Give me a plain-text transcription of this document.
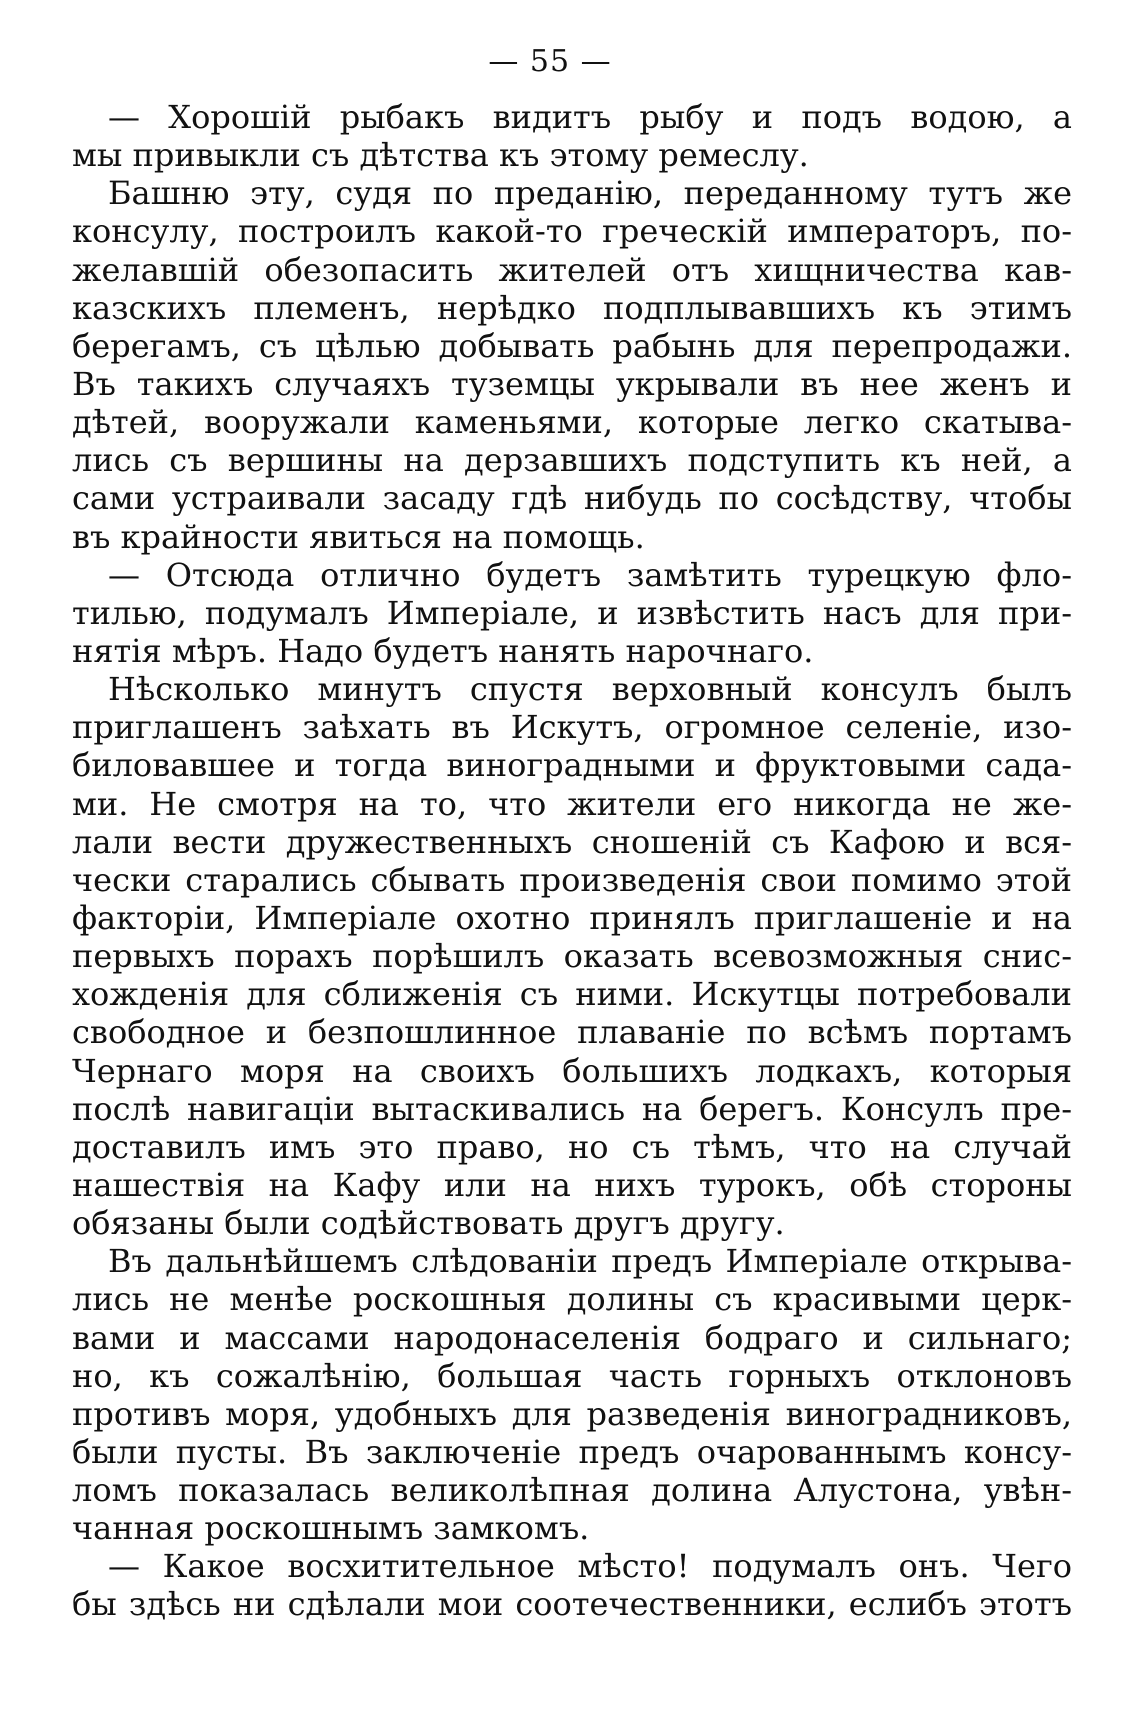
— 55 —
— Хорошій рыбакъ видитъ рыбу и подъ водою, а
мы привыкли съ дѣтства къ этому ремеслу.
Башню эту, судя по преданію, переданному тутъ же
консулу, построилъ какой-то греческій императоръ, по-
желавшій обезопасить жителей отъ хищничества кав-
казскихъ племенъ, нерѣдко подплывавшихъ къ этимъ
берегамъ, съ цѣлью добывать рабынь для перепродажи.
Въ такихъ случаяхъ туземцы укрывали въ нее женъ и
дѣтей, вооружали каменьями, которые легко скатыва-
лись съ вершины на дерзавшихъ подступить къ ней, а
сами устраивали засаду гдѣ нибудь по сосѣдству, чтобы
въ крайности явиться на помощь.
— Отсюда отлично будетъ замѣтить турецкую фло-
тилью, подумалъ Имперіале, и извѣстить насъ для при-
нятія мѣръ. Надо будетъ нанять нарочнаго.
Нѣсколько минутъ спустя верховный консулъ былъ
приглашенъ заѣхать въ Искутъ, огромное селеніе, изо-
биловавшее и тогда виноградными и фруктовыми сада-
ми. Не смотря на то, что жители его никогда не же-
лали вести дружественныхъ сношеній съ Кафою и вся-
чески старались сбывать произведенія свои помимо этой
факторіи, Имперіале охотно принялъ приглашеніе и на
первыхъ порахъ порѣшилъ оказать всевозможныя снис-
хожденія для сближенія съ ними. Искутцы потребовали
свободное и безпошлинное плаваніе по всѣмъ портамъ
Чернаго моря на своихъ большихъ лодкахъ, которыя
послѣ навигаціи вытаскивались на берегъ. Консулъ пре-
доставилъ имъ это право, но съ тѣмъ, что на случай
нашествія на Кафу или на нихъ турокъ, обѣ стороны
обязаны были содѣйствовать другъ другу.
Въ дальнѣйшемъ слѣдованіи предъ Имперіале открыва-
лись не менѣе роскошныя долины съ красивыми церк-
вами и массами народонаселенія бодраго и сильнаго;
но, къ сожалѣнію, большая часть горныхъ отклоновъ
противъ моря, удобныхъ для разведенія виноградниковъ,
были пусты. Въ заключеніе предъ очарованнымъ консу-
ломъ показалась великолѣпная долина Алустона, увѣн-
чанная роскошнымъ замкомъ.
— Какое восхитительное мѣсто! подумалъ онъ. Чего
бы здѣсь ни сдѣлали мои соотечественники, еслибъ этотъ
